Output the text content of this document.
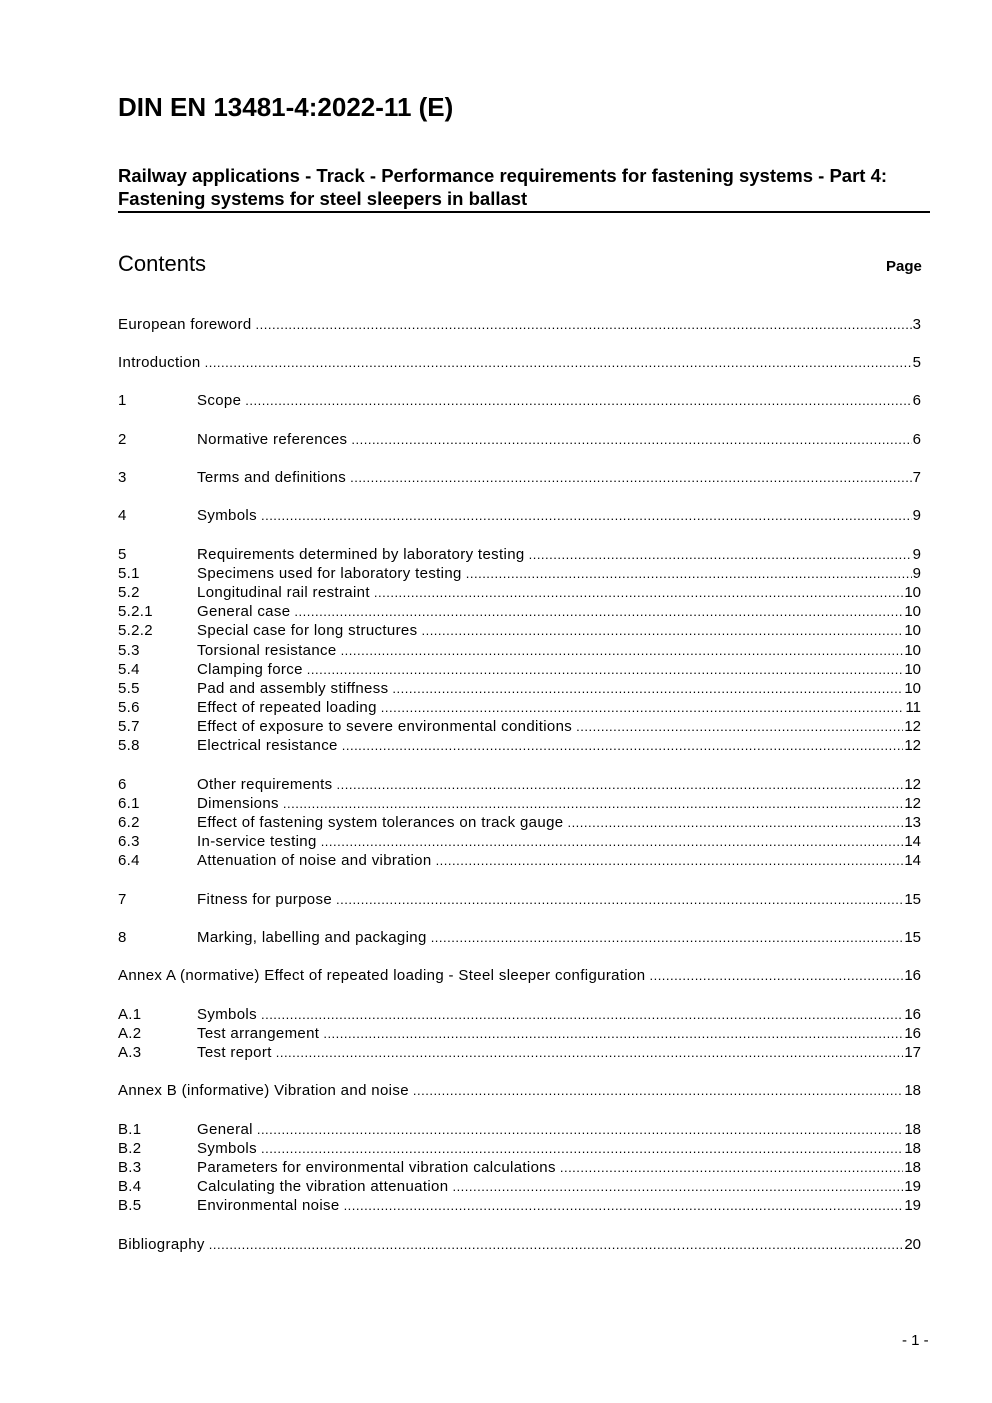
DIN EN 13481-4:2022-11 (E)
Railway applications - Track - Performance requirements for fastening systems - Part 4: Fastening systems for steel sleepers in ballast
Contents	Page
European foreword .....	3
Introduction .....	5
1	Scope .....	6
2	Normative references .....	6
3	Terms and definitions .....	7
4	Symbols .....	9
5	Requirements determined by laboratory testing .....	9
5.1	Specimens used for laboratory testing .....	9
5.2	Longitudinal rail restraint .....	10
5.2.1	General case .....	10
5.2.2	Special case for long structures .....	10
5.3	Torsional resistance .....	10
5.4	Clamping force .....	10
5.5	Pad and assembly stiffness .....	10
5.6	Effect of repeated loading .....	11
5.7	Effect of exposure to severe environmental conditions .....	12
5.8	Electrical resistance .....	12
6	Other requirements .....	12
6.1	Dimensions .....	12
6.2	Effect of fastening system tolerances on track gauge .....	13
6.3	In-service testing .....	14
6.4	Attenuation of noise and vibration .....	14
7	Fitness for purpose .....	15
8	Marking, labelling and packaging .....	15
Annex A (normative) Effect of repeated loading - Steel sleeper configuration .....	16
A.1	Symbols .....	16
A.2	Test arrangement .....	16
A.3	Test report .....	17
Annex B (informative) Vibration and noise .....	18
B.1	General .....	18
B.2	Symbols .....	18
B.3	Parameters for environmental vibration calculations .....	18
B.4	Calculating the vibration attenuation .....	19
B.5	Environmental noise .....	19
Bibliography .....	20
- 1 -
